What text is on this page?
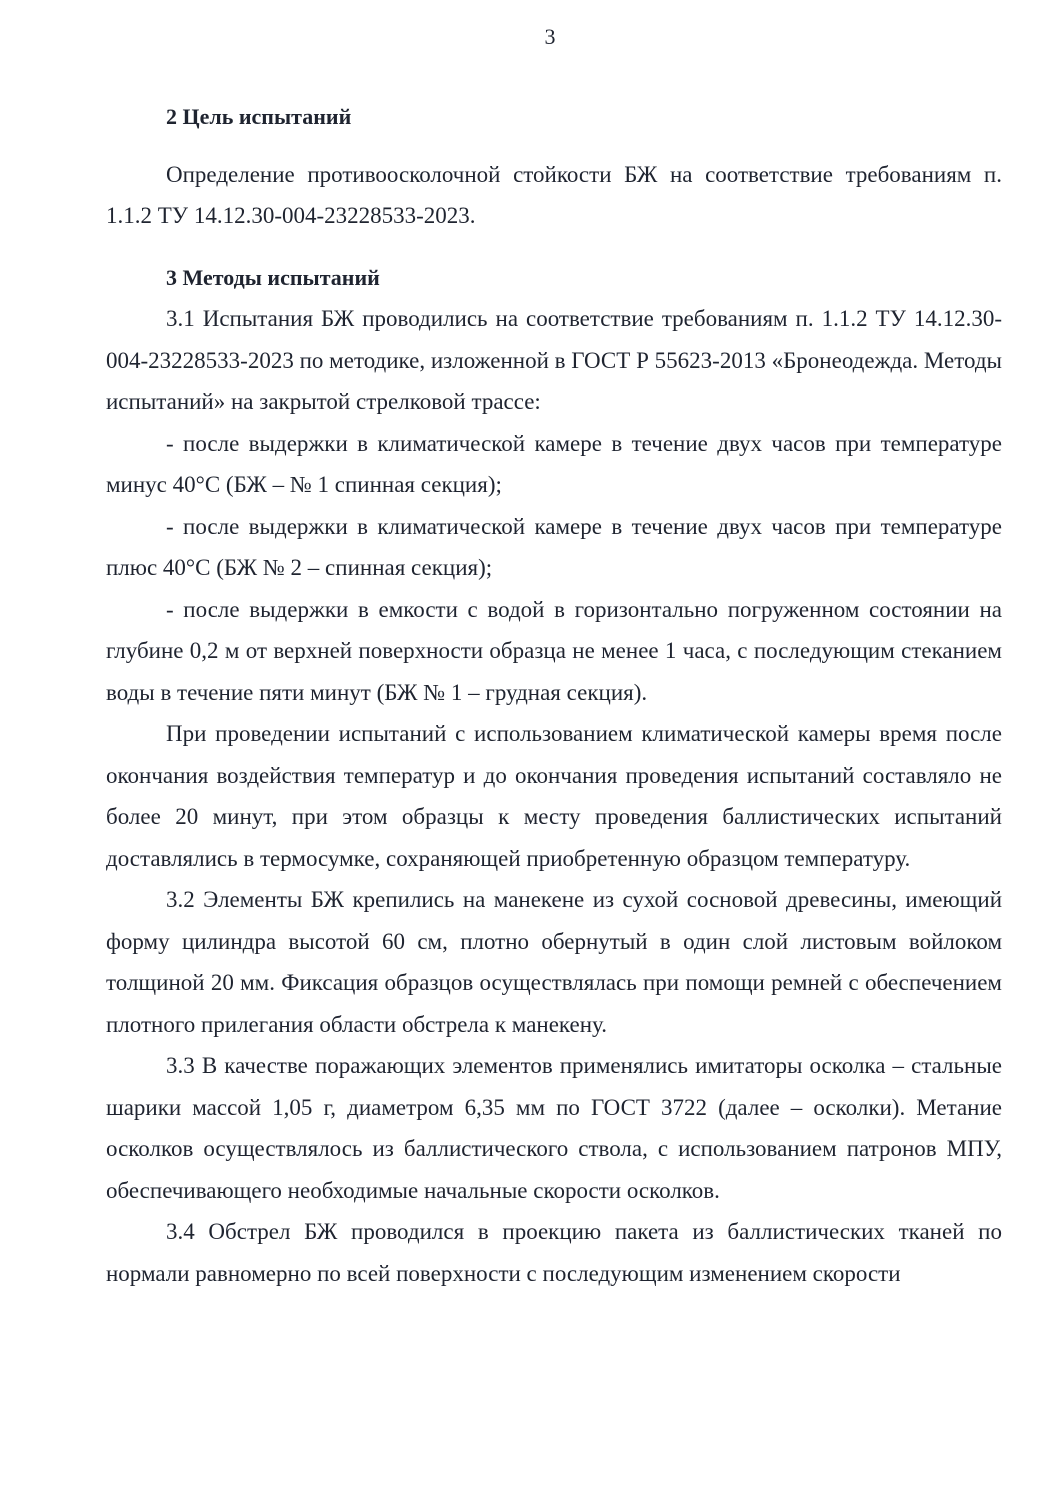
3

2 Цель испытаний

Определение противоосколочной стойкости БЖ на соответствие требованиям п. 1.1.2 ТУ 14.12.30-004-23228533-2023.

3 Методы испытаний

3.1 Испытания БЖ проводились на соответствие требованиям п. 1.1.2 ТУ 14.12.30-004-23228533-2023 по методике, изложенной в ГОСТ Р 55623-2013 «Бронеодежда. Методы испытаний» на закрытой стрелковой трассе:

- после выдержки в климатической камере в течение двух часов при температуре минус 40°С (БЖ – № 1 спинная секция);

- после выдержки в климатической камере в течение двух часов при температуре плюс 40°С (БЖ № 2 – спинная секция);

- после выдержки в емкости с водой в горизонтально погруженном состоянии на глубине 0,2 м от верхней поверхности образца не менее 1 часа, с последующим стеканием воды в течение пяти минут (БЖ № 1 – грудная секция).

При проведении испытаний с использованием климатической камеры время после окончания воздействия температур и до окончания проведения испытаний составляло не более 20 минут, при этом образцы к месту проведения баллистических испытаний доставлялись в термосумке, сохраняющей приобретенную образцом температуру.

3.2 Элементы БЖ крепились на манекене из сухой сосновой древесины, имеющий форму цилиндра высотой 60 см, плотно обернутый в один слой листовым войлоком толщиной 20 мм. Фиксация образцов осуществлялась при помощи ремней с обеспечением плотного прилегания области обстрела к манекену.

3.3 В качестве поражающих элементов применялись имитаторы осколка – стальные шарики массой 1,05 г, диаметром 6,35 мм по ГОСТ 3722 (далее – осколки). Метание осколков осуществлялось из баллистического ствола, с использованием патронов МПУ, обеспечивающего необходимые начальные скорости осколков.

3.4 Обстрел БЖ проводился в проекцию пакета из баллистических тканей по нормали равномерно по всей поверхности с последующим изменением скорости
